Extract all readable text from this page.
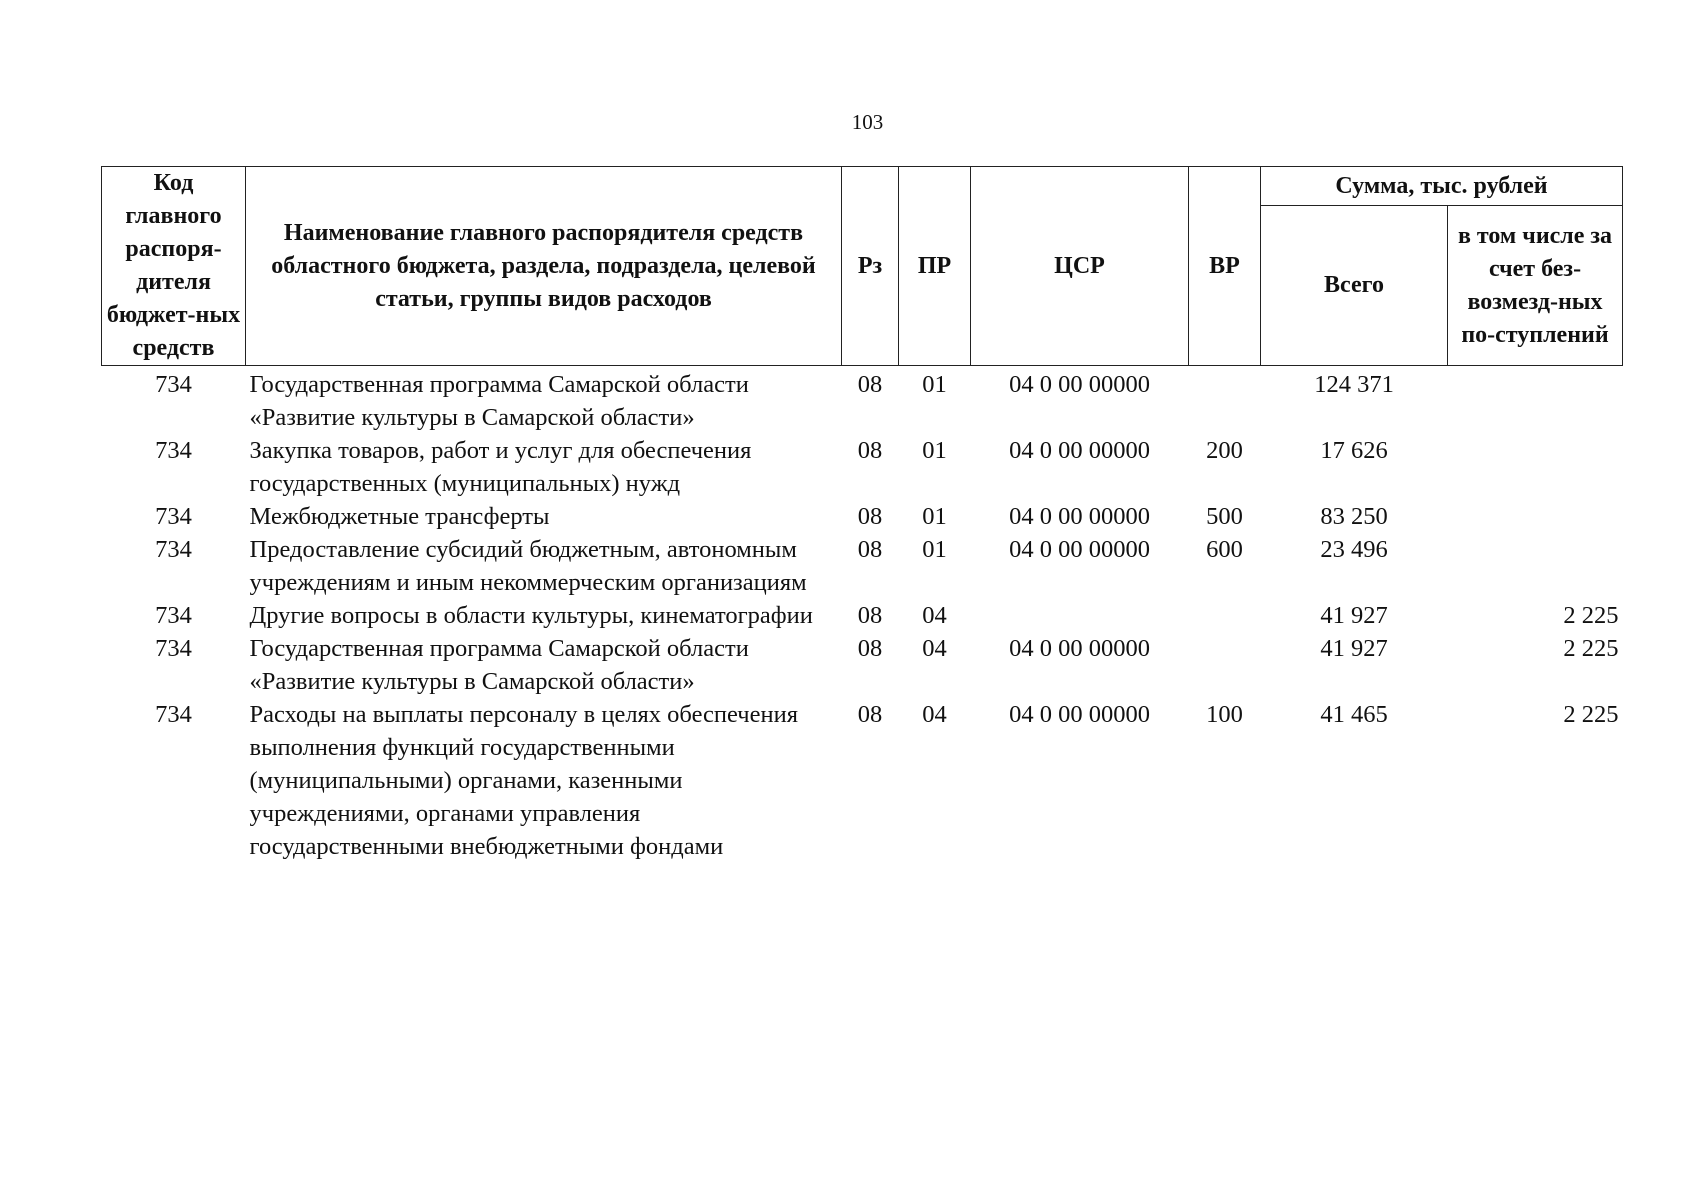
103
Код главного распоря-дителя бюджет-ных средств	Наименование главного распорядителя средств областного бюджета, раздела, подраздела, целевой статьи, группы видов расходов	Рз	ПР	ЦСР	ВР	Сумма, тыс. рублей	
						Всего	в том числе за счет без-возмезд-ных по-ступлений
734	Государственная программа Самарской области «Развитие культуры в Самарской области»	08	01	04 0 00 00000		124 371	
734	Закупка товаров, работ и услуг для обеспечения государственных (муниципальных) нужд	08	01	04 0 00 00000	200	17 626	
734	Межбюджетные трансферты	08	01	04 0 00 00000	500	83 250	
734	Предоставление субсидий бюджетным, автономным учреждениям и иным некоммерческим организациям	08	01	04 0 00 00000	600	23 496	
734	Другие вопросы в области культуры, кинематографии	08	04			41 927	2 225
734	Государственная программа Самарской области «Развитие культуры в Самарской области»	08	04	04 0 00 00000		41 927	2 225
734	Расходы на выплаты персоналу в целях обеспечения выполнения функций государственными (муниципальными) органами, казенными учреждениями, органами управления государственными внебюджетными фондами	08	04	04 0 00 00000	100	41 465	2 225
